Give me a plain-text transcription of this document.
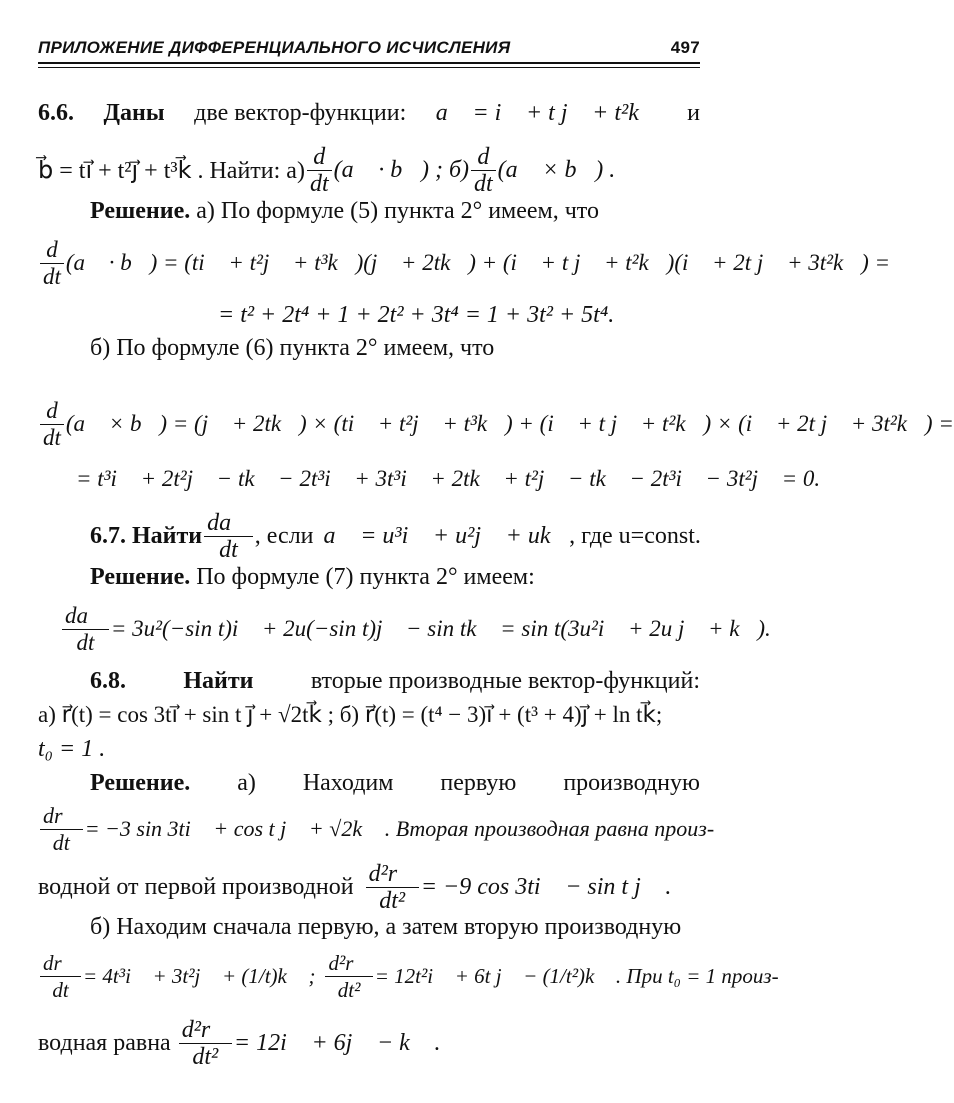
ПРИЛОЖЕНИЕ ДИФФЕРЕНЦИАЛЬНОГО ИСЧИСЛЕНИЯ	497
6.6. Даны две вектор-функции: a⃗ = i⃗ + t j⃗ + t²k⃗ и
b⃗ = ti⃗ + t²j⃗ + t³k⃗ . Найти: $а) \frac{d}{dt}$ (a⃗ · b⃗) ; $б) \frac{d}{dt}$ (a⃗ × b⃗) .
Решение. а) По формуле (5) пункта 2° имеем, что
$\frac{d}{dt}$ (a⃗ · b⃗) = (ti⃗ + t²j⃗ + t³k⃗)(j⃗ + 2tk⃗) + (i⃗ + t j⃗ + t²k⃗)(i⃗ + 2t j⃗ + 3t²k⃗) =
= t² + 2t⁴ + 1 + 2t² + 3t⁴ = 1 + 3t² + 5t⁴.
б) По формуле (6) пункта 2° имеем, что
$\frac{d}{dt}$ (a⃗ × b⃗) = (j⃗ + 2tk⃗) × (ti⃗ + t²j⃗ + t³k⃗) + (i⃗ + t j⃗ + t²k⃗) × (i⃗ + 2t j⃗ + 3t²k⃗) =
= t³i⃗ + 2t²j⃗ − tk⃗ − 2t³i⃗ + 3t³i⃗ + 2tk⃗ + t²j⃗ − tk⃗ − 2t³i⃗ − 3t²j⃗ = 0.
6.7. Найти $\frac{da⃗}{dt}$ , если a⃗ = u³i⃗ + u²j⃗ + uk⃗ , где u=const.
Решение. По формуле (7) пункта 2° имеем:
$\frac{da⃗}{dt} = 3u^2(-\sin$ t)i⃗ + 2u(−sin t)j⃗ − sin tk⃗ = sin t(3u²i⃗ + 2u j⃗ + k⃗).
6.8. Найти вторые производные вектор-функций:
а) r⃗(t) = cos 3ti⃗ + sin t j⃗ + √2tk⃗ ; б) r⃗(t) = (t⁴ − 3)i⃗ + (t³ + 4)j⃗ + ln tk⃗;
t₀ = 1 .
Решение. а) Находим первую производную
$\frac{dr⃗}{dt} = -3$ sin 3ti⃗ + cos t j⃗ + √2k⃗ . Вторая производная равна произ-
водной от первой производной $\frac{\text{d²r⃗}}{\text{dt²}} = -9$ cos 3ti⃗ − sin t j⃗ .
б) Находим сначала первую, а затем вторую производную
$\frac{dr⃗}{dt}$ = 4t³i⃗ + 3t²j⃗ + (1/t)k⃗ ; $\frac{\text{d²r⃗}}{\text{dt²}}$ = 12t²i⃗ + 6t j⃗ − (1/t²)k⃗ . При t₀ = 1 произ-
водная равна $\frac{\text{d²r⃗}}{\text{dt²}}$ = 12i⃗ + 6j⃗ − k⃗ .
